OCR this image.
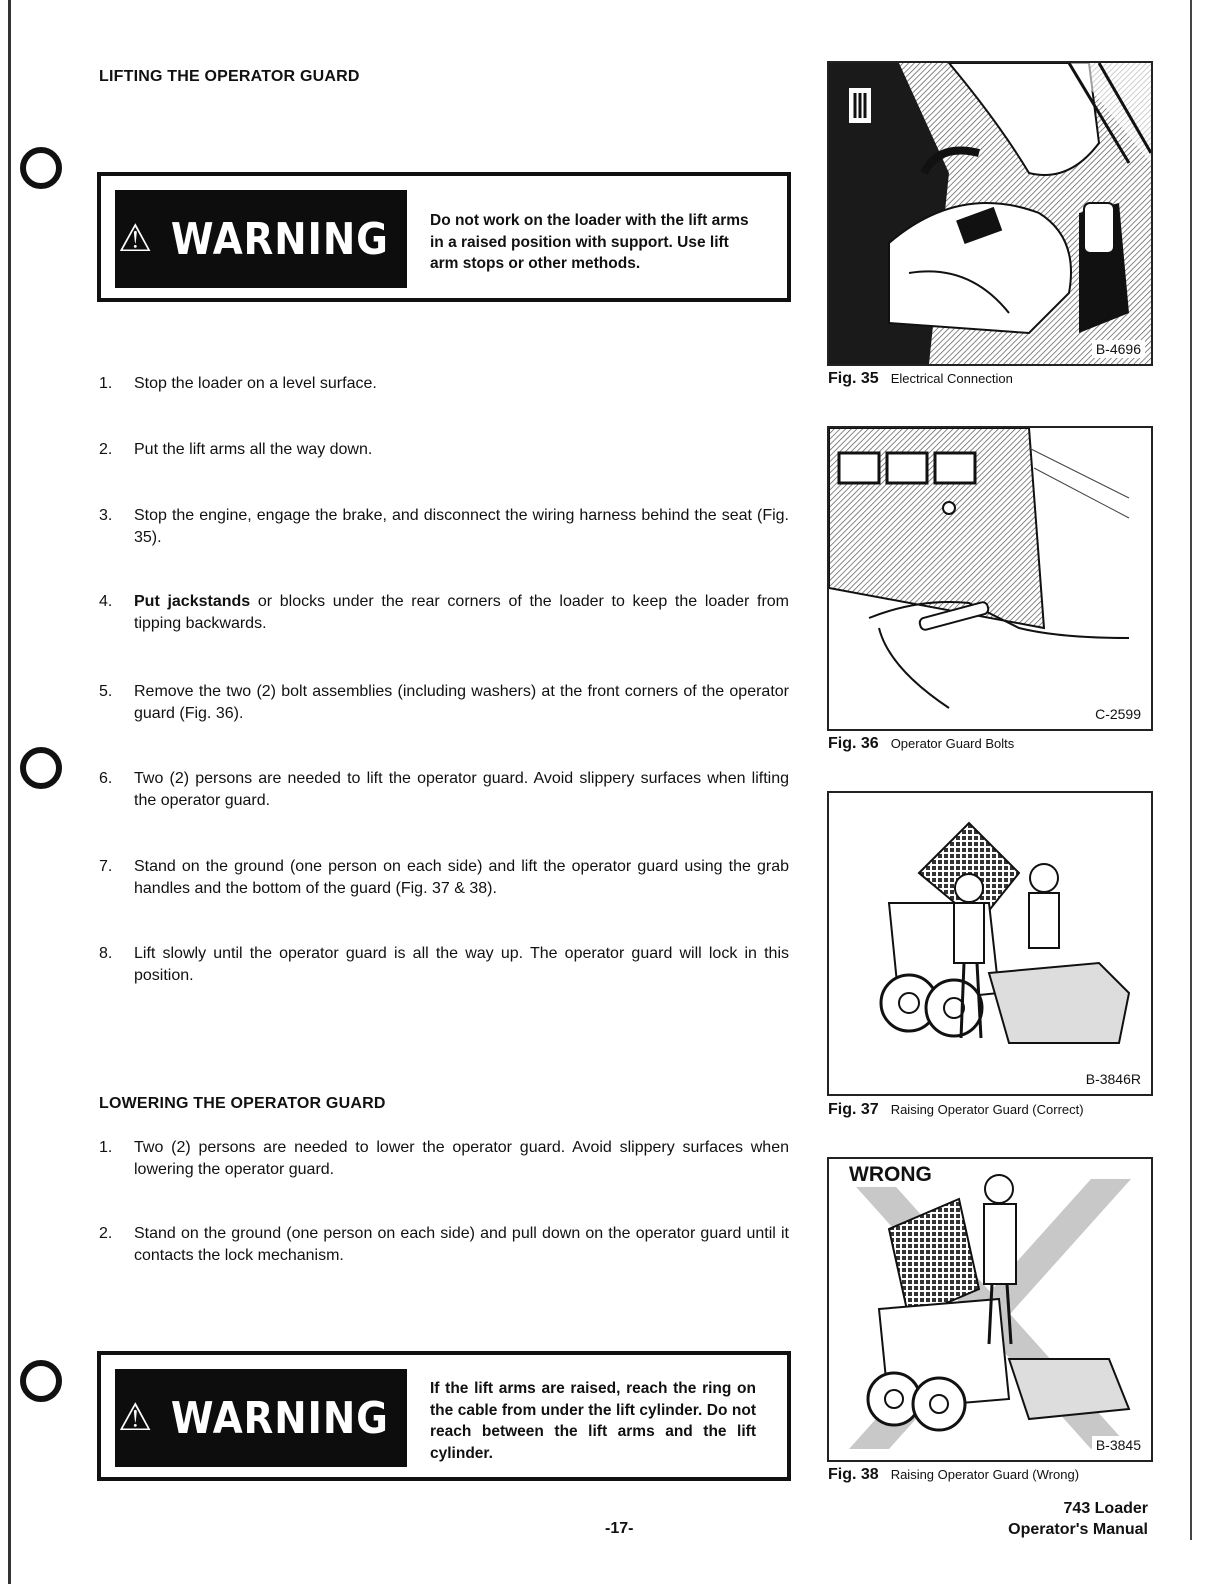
LIFTING THE OPERATOR GUARD
⚠ WARNING	Do not work on the loader with the lift arms in a raised position with support. Use lift arm stops or other methods.
1.	Stop the loader on a level surface.
2.	Put the lift arms all the way down.
3.	Stop the engine, engage the brake, and disconnect the wiring harness behind the seat (Fig. 35).
4.	Put jackstands or blocks under the rear corners of the loader to keep the loader from tipping backwards.
5.	Remove the two (2) bolt assemblies (including washers) at the front corners of the operator guard (Fig. 36).
6.	Two (2) persons are needed to lift the operator guard. Avoid slippery surfaces when lifting the operator guard.
7.	Stand on the ground (one person on each side) and lift the operator guard using the grab handles and the bottom of the guard (Fig. 37 & 38).
8.	Lift slowly until the operator guard is all the way up. The operator guard will lock in this position.
LOWERING THE OPERATOR GUARD
1.	Two (2) persons are needed to lower the operator guard. Avoid slippery surfaces when lowering the operator guard.
2.	Stand on the ground (one person on each side) and pull down on the operator guard until it contacts the lock mechanism.
⚠ WARNING
If the lift arms are raised, reach the ring on the cable from under the lift cylinder. Do not reach between the lift arms and the lift cylinder.
B-4696
Fig. 35 Electrical Connection
C-2599
Fig. 36 Operator Guard Bolts
B-3846R
Fig. 37 Raising Operator Guard (Correct)
WRONG
B-3845
Fig. 38 Raising Operator Guard (Wrong)
-17-
743 Loader
Operator's Manual
